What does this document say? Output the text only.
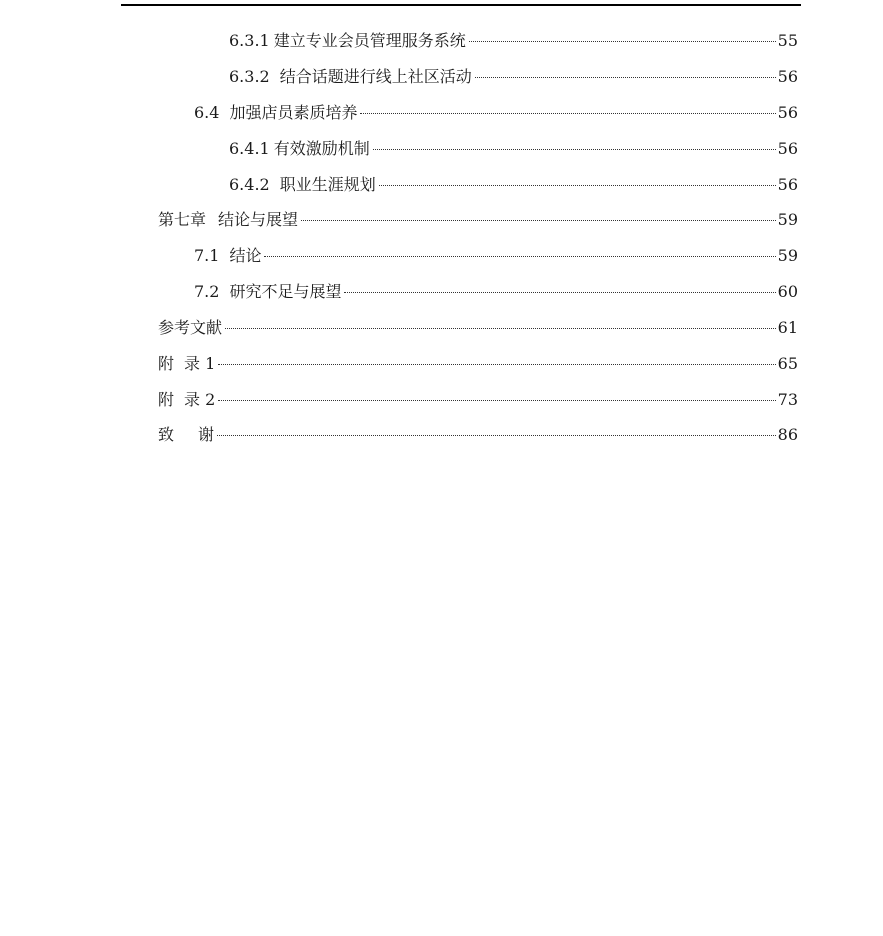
6.3.1 建立专业会员管理服务系统	55
6.3.2 结合话题进行线上社区活动	56
6.4 加强店员素质培养	56
6.4.1 有效激励机制	56
6.4.2 职业生涯规划	56
第七章 结论与展望	59
7.1 结论	59
7.2 研究不足与展望	60
参考文献	61
附 录 1	65
附 录 2	73
致 谢	86
